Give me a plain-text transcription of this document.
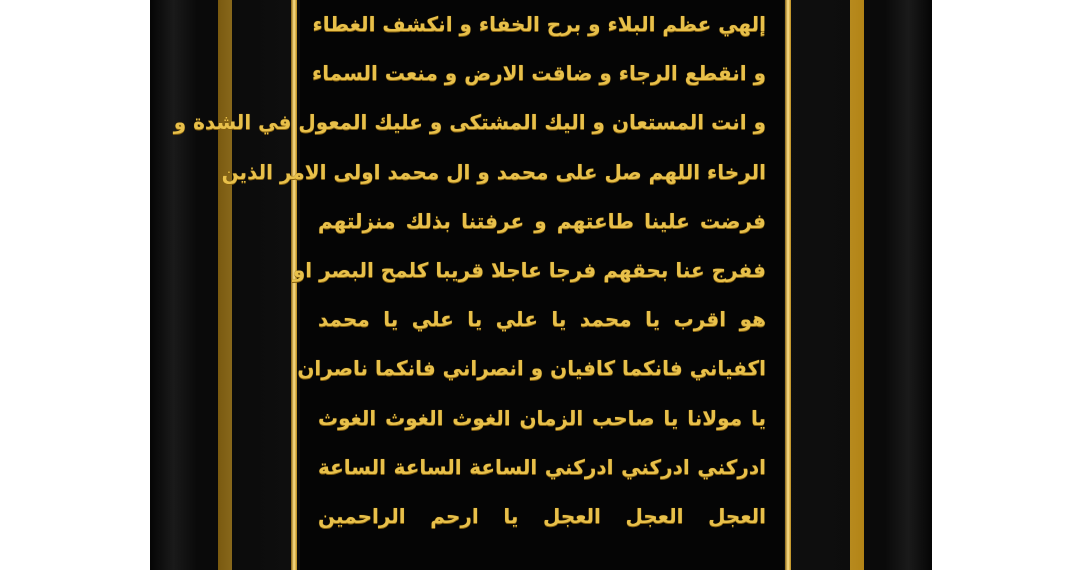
إلهي عظم البلاء و برح الخفاء و انكشف الغطاء
و انقطع الرجاء و ضاقت الارض و منعت السماء
و انت المستعان و اليك المشتكى و عليك المعول في الشدة و
الرخاء اللهم صل على محمد و ال محمد اولى الامر الذين
فرضت علينا طاعتهم و عرفتنا بذلك منزلتهم
ففرج عنا بحقهم فرجا عاجلا قريبا كلمح البصر او
هو اقرب يا محمد يا علي يا علي يا محمد
اكفياني فانكما كافيان و انصراني فانكما ناصران
يا مولانا يا صاحب الزمان الغوث الغوث الغوث
ادركني ادركني ادركني الساعة الساعة الساعة
العجل العجل العجل يا ارحم الراحمين
